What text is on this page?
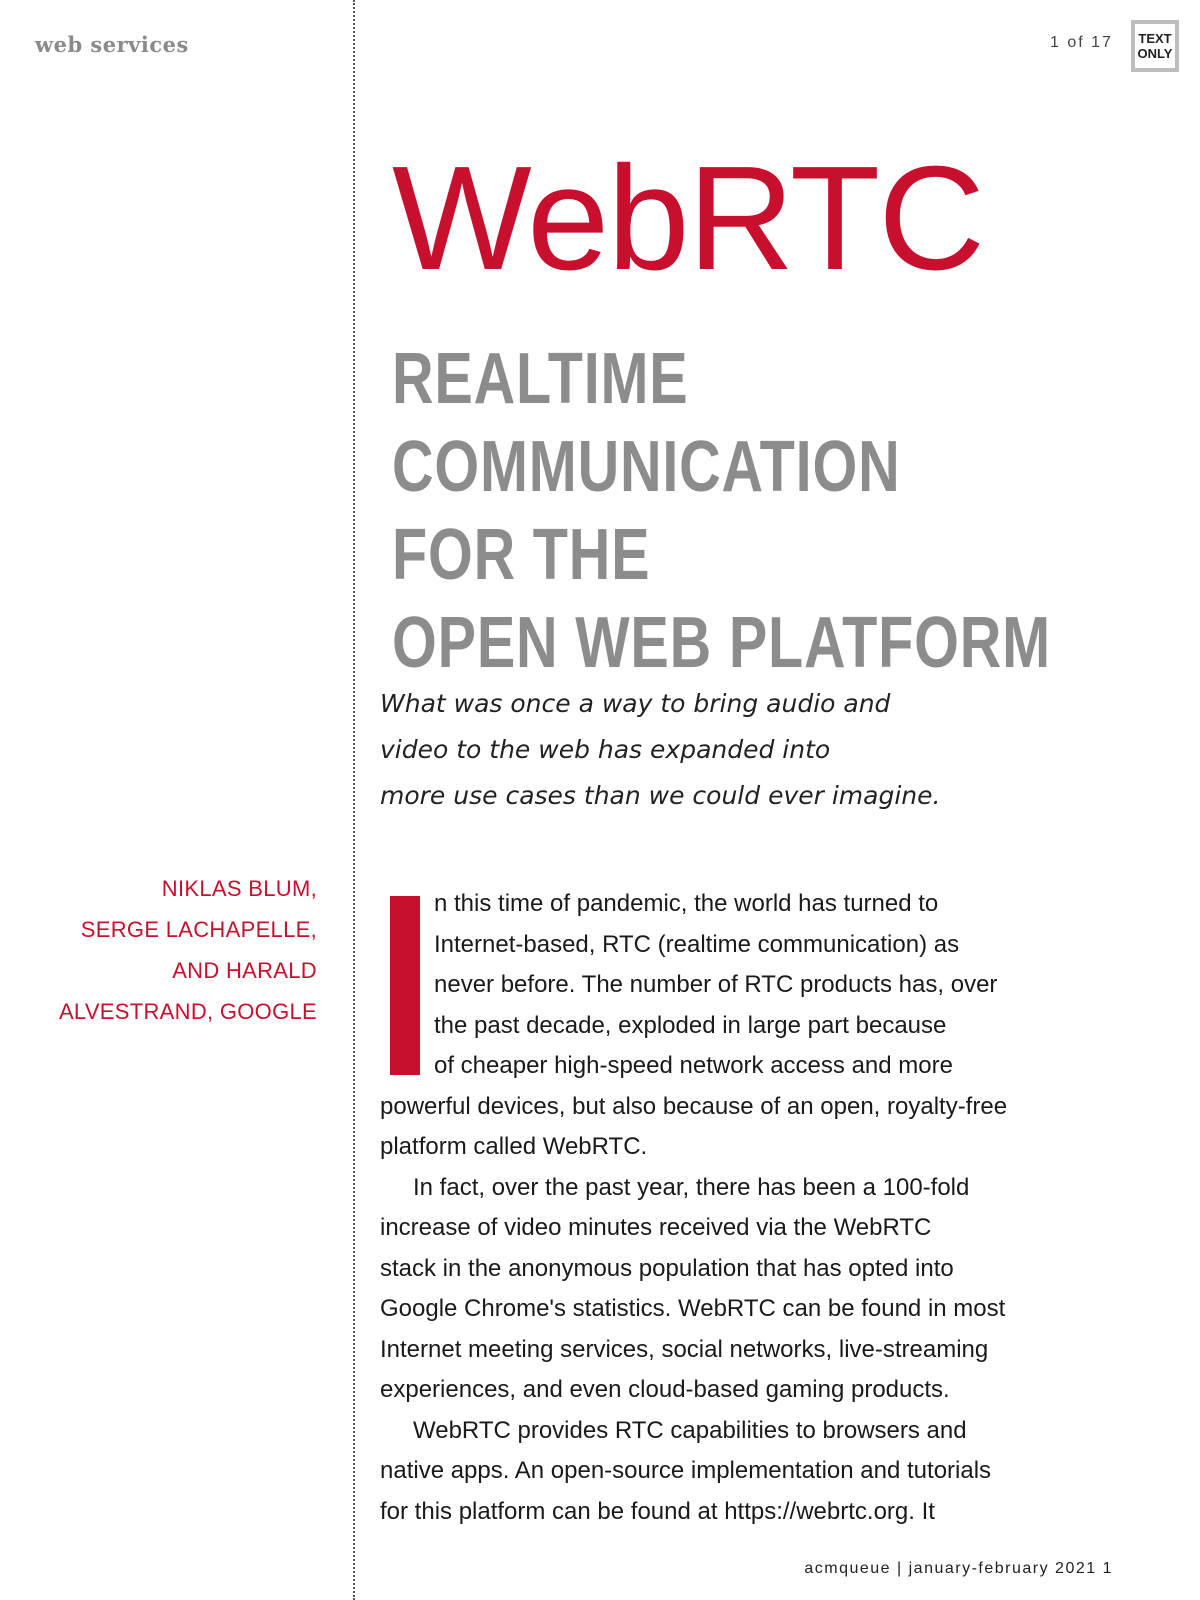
web services	1 of 17	TEXT
ONLY
WebRTC
REALTIME
COMMUNICATION
FOR THE
OPEN WEB PLATFORM
What was once a way to bring audio and
video to the web has expanded into
more use cases than we could ever imagine.
NIKLAS BLUM,
SERGE LACHAPELLE,
AND HARALD
ALVESTRAND, GOOGLE
n this time of pandemic, the world has turned to
Internet-based, RTC (realtime communication) as
never before. The number of RTC products has, over
the past decade, exploded in large part because
of cheaper high-speed network access and more
powerful devices, but also because of an open, royalty-free
platform called WebRTC.
In fact, over the past year, there has been a 100-fold
increase of video minutes received via the WebRTC
stack in the anonymous population that has opted into
Google Chrome's statistics. WebRTC can be found in most
Internet meeting services, social networks, live-streaming
experiences, and even cloud-based gaming products.
WebRTC provides RTC capabilities to browsers and
native apps. An open-source implementation and tutorials
for this platform can be found at https://webrtc.org. It
acmqueue | january-february 2021 1
